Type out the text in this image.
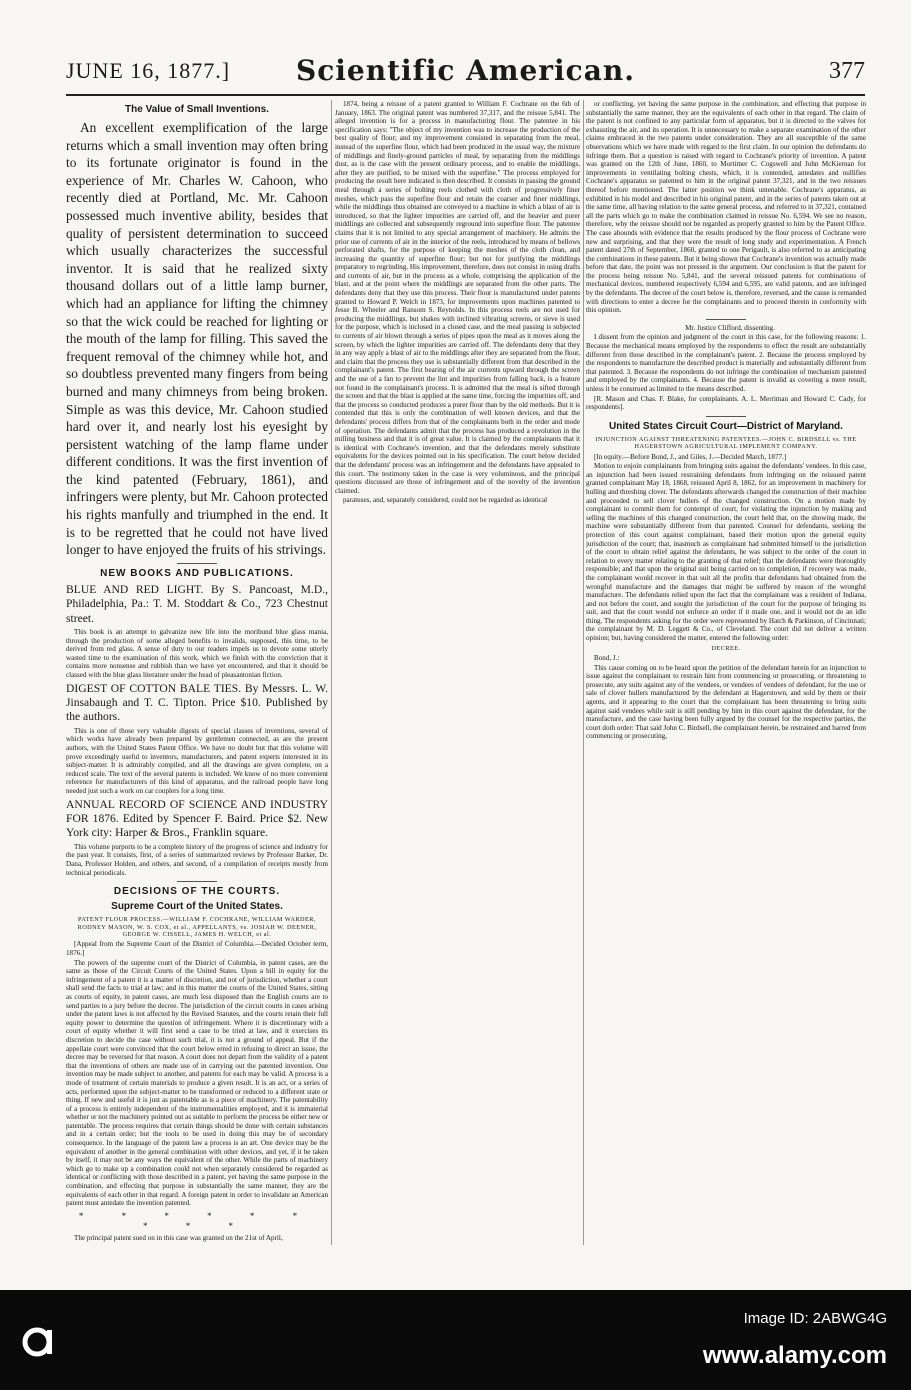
JUNE 16, 1877.]	Scientific American.	377
The Value of Small Inventions.

An excellent exemplification of the large returns which a small invention may often bring to its fortunate originator is found in the experience of Mr. Charles W. Cahoon, who recently died at Portland, Mc. Mr. Cahoon possessed much inventive ability, besides that quality of persistent determination to succeed which usually characterizes the successful inventor. It is said that he realized sixty thousand dollars out of a little lamp burner, which had an appliance for lifting the chimney so that the wick could be reached for lighting or the mouth of the lamp for filling. This saved the frequent removal of the chimney while hot, and so doubtless prevented many fingers from being burned and many chimneys from being broken. Simple as was this device, Mr. Cahoon studied hard over it, and nearly lost his eyesight by persistent watching of the lamp flame under different conditions. It was the first invention of the kind patented (February, 1861), and infringers were plenty, but Mr. Cahoon protected his rights manfully and triumphed in the end. It is to be regretted that he could not have lived longer to have enjoyed the fruits of his strivings.

NEW BOOKS AND PUBLICATIONS.

BLUE AND RED LIGHT. By S. Pancoast, M.D., Philadelphia, Pa.: T. M. Stoddart & Co., 723 Chestnut street.

This book is an attempt to galvanize new life into the moribund blue glass mania, through the production of some alleged benefits to invalids, supposed, this time, to be derived from red glass. A sense of duty to our readers impels us to devote some utterly wasted time to the examination of this work, which we finish with the conviction that it contains more nonsense and rubbish than we have yet encountered, and that it should be classed with the blue glass literature under the head of pleasantonian fiction.

DIGEST OF COTTON BALE TIES. By Messrs. L. W. Jinsabaugh and T. C. Tipton. Price $10. Published by the authors.

This is one of those very valuable digests of special classes of inventions, several of which works have already been prepared by gentlemen connected, as are the present authors, with the United States Patent Office. We have no doubt but that this volume will prove exceedingly useful to inventors, manufacturers, and patent experts interested in its subject-matter. It is admirably compiled, and all the drawings are given complete, on a reduced scale. The text of the several patents is included. We know of no more convenient reference for manufacturers of this kind of apparatus, and the railroad people have long needed just such a work on car couplers for a long time.

ANNUAL RECORD OF SCIENCE AND INDUSTRY FOR 1876. Edited by Spencer F. Baird. Price $2. New York city: Harper & Bros., Franklin square.

This volume purports to be a complete history of the progress of science and industry for the past year. It consists, first, of a series of summarized reviews by Professor Barker, Dr. Dana, Professor Holden, and others, and second, of a compilation of receipts mostly from technical periodicals.

DECISIONS OF THE COURTS.
Supreme Court of the United States.

PATENT FLOUR PROCESS.—WILLIAM F. COCHRANE, WILLIAM WARDER, RODNEY MASON, W. S. COX, et al., APPELLANTS, vs. JOSIAH W. DEENER, GEORGE W. CISSELL, JAMES H. WELCH, et al.

[Appeal from the Supreme Court of the District of Columbia.—Decided October term, 1876.]

The powers of the supreme court of the District of Columbia, in patent cases, are the same as those of the Circuit Courts of the United States. Upon a bill in equity for the infringement of a patent it is a matter of discretion, and not of jurisdiction, whether a court shall send the facts to trial at law; and in this matter the courts of the United States, sitting as courts of equity, in patent cases, are much less disposed than the English courts are to send parties to a jury before the decree. The jurisdiction of the circuit courts in cases arising under the patent laws is not affected by the Revised Statutes, and the courts retain their full equity power to determine the question of infringement. Where it is discretionary with a court of equity whether it will first send a case to be tried at law, and it exercises its discretion to decide the case without such trial, it is not a ground of appeal. But if the appellate court were convinced that the court below erred in refusing to direct an issue, the decree may be reversed for that reason. A court does not depart from the validity of a patent that the inventions of others are made use of in carrying out the patented invention. One invention may be made subject to another, and patents for each may be valid. A process is a mode of treatment of certain materials to produce a given result. It is an act, or a series of acts, performed upon the subject-matter to be transformed or reduced to a different state or thing. If new and useful it is just as patentable as is a piece of machinery. The patentability of a process is entirely independent of the instrumentalities employed, and it is immaterial whether or not the machinery pointed out as suitable to perform the process be either new or patentable. The process requires that certain things should be done with certain substances and in a certain order; but the tools to be used in doing this may be of secondary consequence. In the language of the patent law a process is an art. One device may be the equivalent of another in the general combination with other devices, and yet, if it be taken by itself, it may not be any ways the equivalent of the other. While the parts of machinery which go to make up a combination could not when separately considered be regarded as identical or conflicting with those described in a patent, yet having the same purpose in the combination, and effecting that purpose in substantially the same manner, they are the equivalents of each other in that regard. A foreign patent in order to invalidate an American patent must antedate the invention patented.

* * * * * * * * *

The principal patent sued on in this case was granted on the 21st of April,

1874, being a reissue of a patent granted to William F. Cochrane on the 6th of January, 1863. The original patent was numbered 37,317, and the reissue 5,841. The alleged invention is for a process in manufacturing flour. The patentee in his specification says: "The object of my invention was to increase the production of the best quality of flour; and my improvement consisted in separating from the meal, instead of the superfine flour, which had been produced in the usual way, the mixture of middlings and finely-ground particles of meal, by separating from the middlings dust, as is the case with the present ordinary process, and to enable the middlings, after they are purified, to be mixed with the superfine." The process employed for producing the result here indicated is then described. It consists in passing the ground meal through a series of bolting reels clothed with cloth of progressively finer meshes, which pass the superfine flour and retain the coarser and finer middlings, while the middlings thus obtained are conveyed to a machine in which a blast of air is introduced, so that the lighter impurities are carried off, and the heavier and purer middlings are collected and subsequently reground into superfine flour. The patentee claims that it is not limited to any special arrangement of machinery. He admits the prior use of currents of air in the interior of the reels, introduced by means of bellows perforated shafts, for the purpose of keeping the meshes of the cloth clean, and increasing the quantity of superfine flour; but not for purifying the middlings preparatory to regrinding. His improvement, therefore, does not consist in using drafts and currents of air, but in the process as a whole, comprising the application of the blast, and at the point where the middlings are separated from the other parts. The defendants deny that they use this process. Their flour is manufactured under patents granted to Howard P. Welch in 1873, for improvements upon machines patented to Jesse B. Wheeler and Ransom S. Reynolds. In this process reels are not used for producing the middlings, but shakes with inclined vibrating screens, or sieve is used for the purpose, which is inclosed in a closed case, and the meal passing is subjected to currents of air blown through a series of pipes upon the meal as it moves along the screen, by which the lighter impurities are carried off. The defendants deny that they in any way apply a blast of air to the middlings after they are separated from the flour, and claim that the process they use is substantially different from that described in the complainant's patent. The first bearing of the air currents upward through the screen and the use of a fan to prevent the lint and impurities from falling back, is a feature not found in the complainant's process. It is admitted that the meal is sifted through the screen and that the blast is applied at the same time, forcing the impurities off, and that the process so conducted produces a purer flour than by the old methods. But it is contended that this is only the combination of well known devices, and that the defendants' process differs from that of the complainants both in the order and mode of operation. The defendants admit that the process has produced a revolution in the milling business and that it is of great value. It is claimed by the complainants that it is identical with Cochrane's invention, and that the defendants merely substitute equivalents for the devices pointed out in his specification. The court below decided that the defendants' process was an infringement and the defendants have appealed to this court. The testimony taken in the case is very voluminous, and the principal questions discussed are those of infringement and of the novelty of the invention claimed.

paratuses, and, separately considered, could not be regarded as identical

or conflicting, yet having the same purpose in the combination, and effecting that purpose in substantially the same manner, they are the equivalents of each other in that regard. The claim of the patent is not confined to any particular form of apparatus, but it is directed to the valves for exhausting the air, and its operation. It is unnecessary to make a separate examination of the other claims embraced in the two patents under consideration. They are all susceptible of the same observations which we have made with regard to the first claim. In our opinion the defendants do infringe them. But a question is raised with regard to Cochrane's priority of invention. A patent was granted on the 12th of June, 1860, to Mortimer C. Cogswell and John McKiernan for improvements in ventilating bolting chests, which, it is contended, antedates and nullifies Cochrane's apparatus so patented to him in the original patent 37,321, and in the two reissues thereof before mentioned. The latter position we think untenable. Cochrane's apparatus, as exhibited in his model and described in his original patent, and in the series of patents taken out at the same time, all having relation to the same general process, and referred to in 37,321, contained all the parts which go to make the combination claimed in reissue No. 6,594. We see no reason, therefore, why the reissue should not be regarded as properly granted to him by the Patent Office. The case abounds with evidence that the results produced by the flour process of Cochrane were new and surprising, and that they were the result of long study and experimentation. A French patent dated 27th of September, 1860, granted to one Perigault, is also referred to as anticipating the combinations in these patents. But it being shown that Cochrane's invention was actually made before that date, the point was not pressed in the argument. Our conclusion is that the patent for the process being reissue No. 5,841, and the several reissued patents for combinations of mechanical devices, numbered respectively 6,594 and 6,595, are valid patents, and are infringed by the defendants. The decree of the court below is, therefore, reversed, and the cause is remanded with directions to enter a decree for the complainants and to proceed therein in conformity with this opinion.

Mr. Justice Clifford, dissenting.

I dissent from the opinion and judgment of the court in this case, for the following reasons: 1. Because the mechanical means employed by the respondents to effect the result are substantially different from those described in the complainant's patent. 2. Because the process employed by the respondents to manufacture the described product is materially and substantially different from that patented. 3. Because the respondents do not infringe the combination of mechanism patented and employed by the complainants. 4. Because the patent is invalid as covering a mere result, unless it be construed as limited to the means described.

[R. Mason and Chas. F. Blake, for complainants. A. L. Merriman and Howard C. Cady, for respondents].

United States Circuit Court—District of Maryland.

INJUNCTION AGAINST THREATENING PATENTEES.—JOHN C. BIRDSELL vs. THE HAGERSTOWN AGRICULTURAL IMPLEMENT COMPANY.

[In equity.—Before Bond, J., and Giles, J.—Decided March, 1877.]

Motion to enjoin complainants from bringing suits against the defendants' vendees. In this case, an injunction had been issued restraining defendants from infringing on the reissued patent granted complainant May 18, 1868, reissued April 8, 1862, for an improvement in machinery for hulling and threshing clover. The defendants afterwards changed the construction of their machine and proceeded to sell clover hullers of the changed construction. On a motion made by complainant to commit them for contempt of court, for violating the injunction by making and selling the machines of this changed construction, the court held that, on the showing made, the machine were substantially different from that patented. Counsel for defendants, seeking the protection of this court against complainant, based their motion upon the general equity jurisdiction of the court; that, inasmuch as complainant had submitted himself to the jurisdiction of the court to obtain relief against the defendants, he was subject to the order of the court in relation to every matter relating to the granting of that relief; that the defendants were thoroughly responsible; and that upon the original suit being carried on to completion, if recovery was made, the complainant would recover in that suit all the profits that defendants had obtained from the wrongful manufacture and the damages that might be suffered by reason of the wrongful manufacture. The defendants relied upon the fact that the complainant was a resident of Indiana, and not before the court, and sought the jurisdiction of the court for the purpose of bringing its suit, and that the court would not enforce an order if it made one, and it would not do an idle thing. The respondents asking for the order were represented by Hatch & Parkinson, of Cincinnati; the complainant by M. D. Leggett & Co., of Cleveland. The court did not deliver a written opinion; but, having considered the matter, entered the following order:

DECREE.

Bond, J.:

This cause coming on to be heard upon the petition of the defendant herein for an injunction to issue against the complainant to restrain him from commencing or prosecuting, or threatening to prosecute, any suits against any of the vendees, or vendees of vendees of defendant, for the use or sale of clover hullers manufactured by the defendant at Hagerstown, and sold by them or their agents, and it appearing to the court that the complainant has been threatening to bring suits against said vendees while suit is still pending by him in this court against the defendant, for the manufacture, and the case having been fully argued by the counsel for the respective parties, the court doth order: That said John C. Birdsell, the complainant herein, be restrained and barred from commencing or prosecuting,

Image ID: 2ABWG4G
www.alamy.com
